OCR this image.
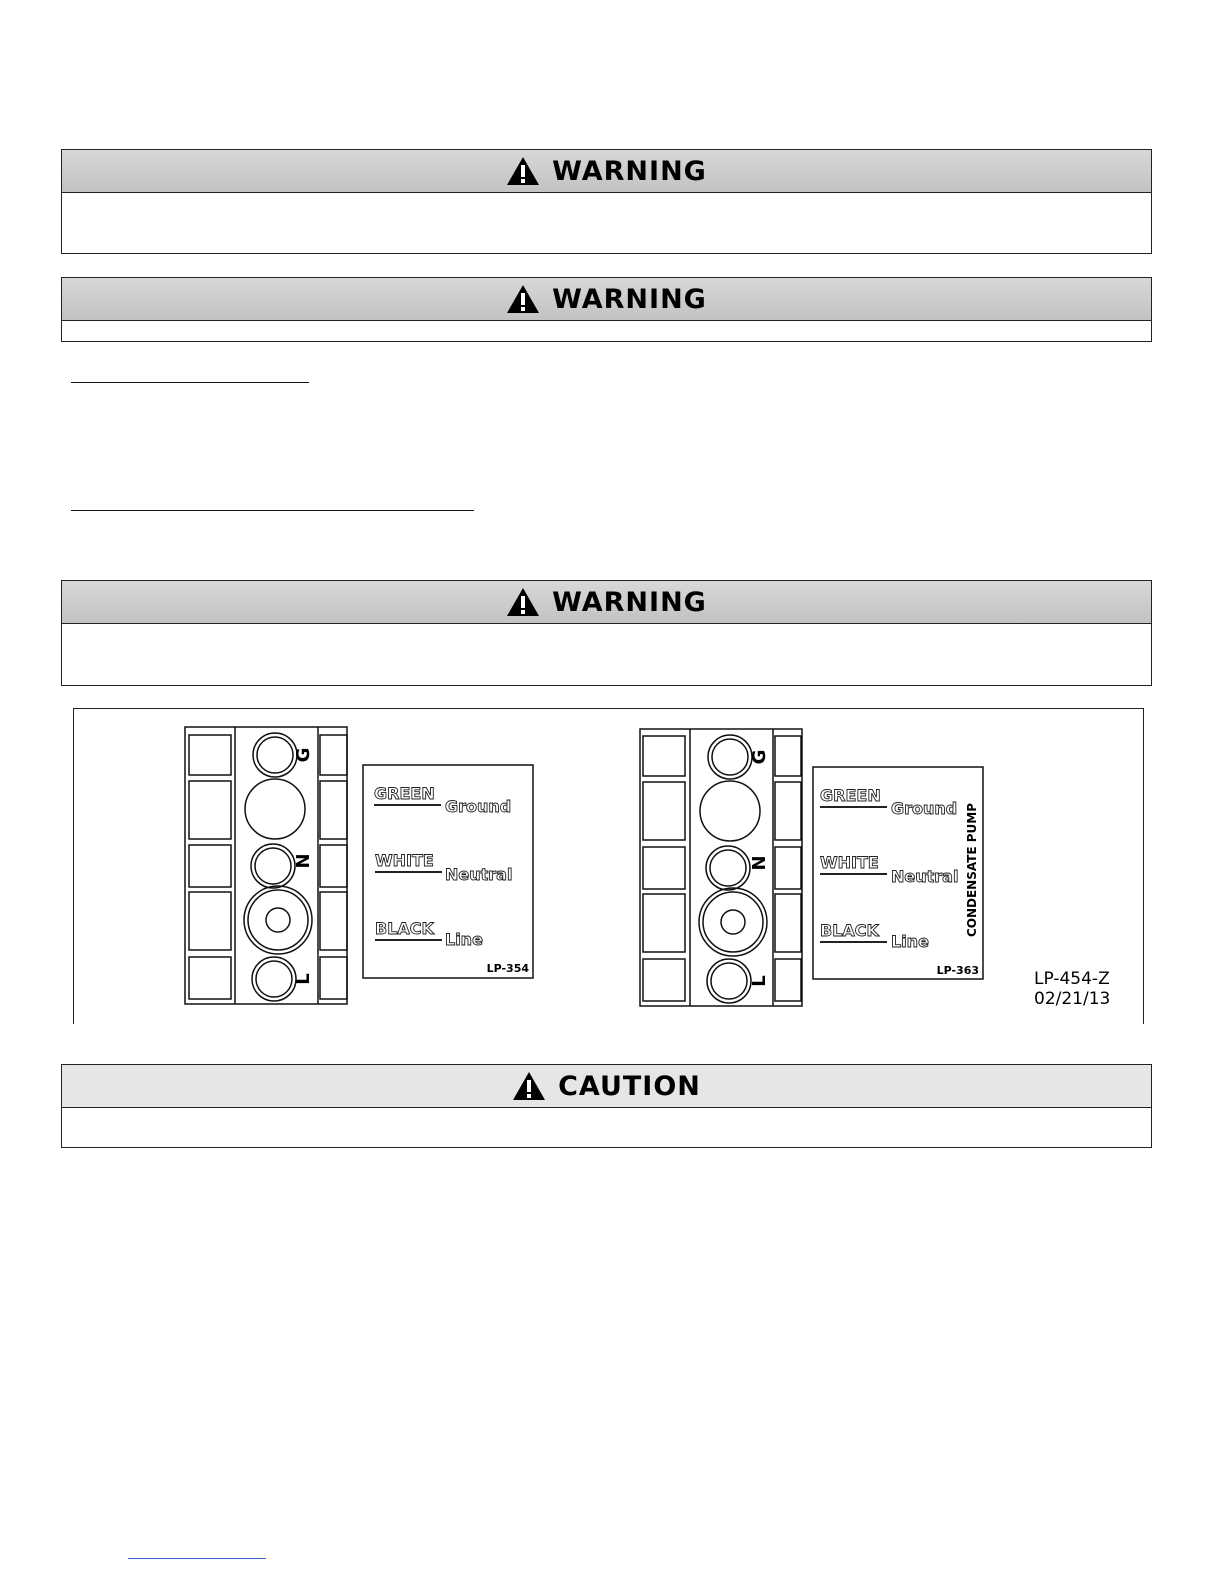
WARNING
WARNING
WARNING
G
N
L
GREEN
Ground
WHITE
Neutral
BLACK
Line
LP-354
G
N
L
GREEN
Ground
WHITE
Neutral
BLACK
Line
CONDENSATE PUMP
LP-363	LP-454-Z
02/21/13
CAUTION
